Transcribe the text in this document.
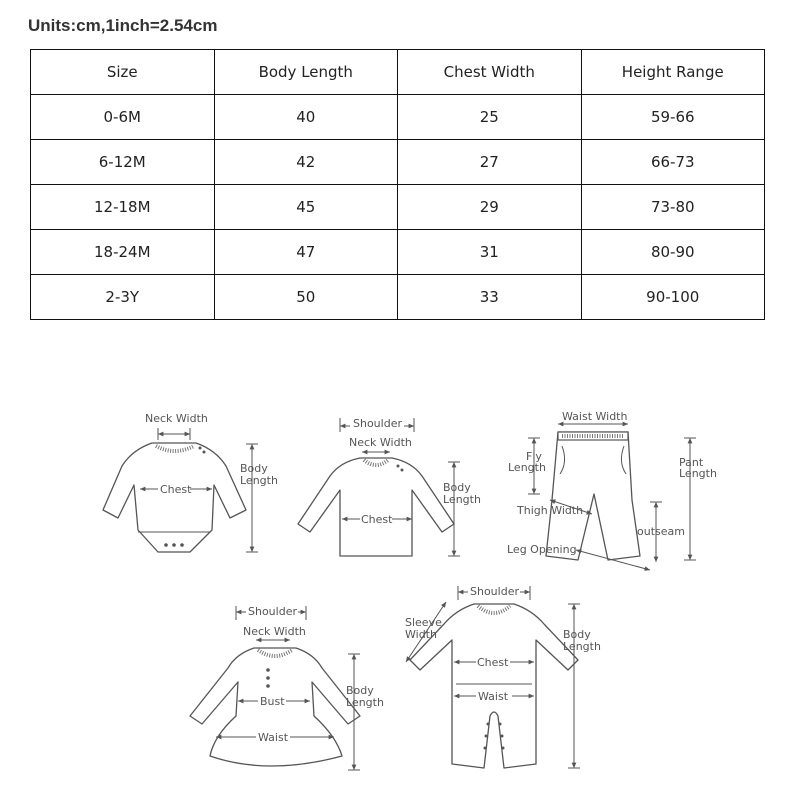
Units:cm,1inch=2.54cm
Size	Body Length	Chest Width	Height Range
0-6M	40	25	59-66
6-12M	42	27	66-73
12-18M	45	29	73-80
18-24M	47	31	80-90
2-3Y	50	33	90-100
Neck Width
Body Length
Chest
Shoulder
Neck Width
Body Length
Chest
Waist Width
Fly Length	Pant Length
Thigh Width
outseam
Leg Opening
Shoulder
Neck Width
Body Length
Bust
Waist
Shoulder
Sleeve Width	Body Length
Chest
Waist
